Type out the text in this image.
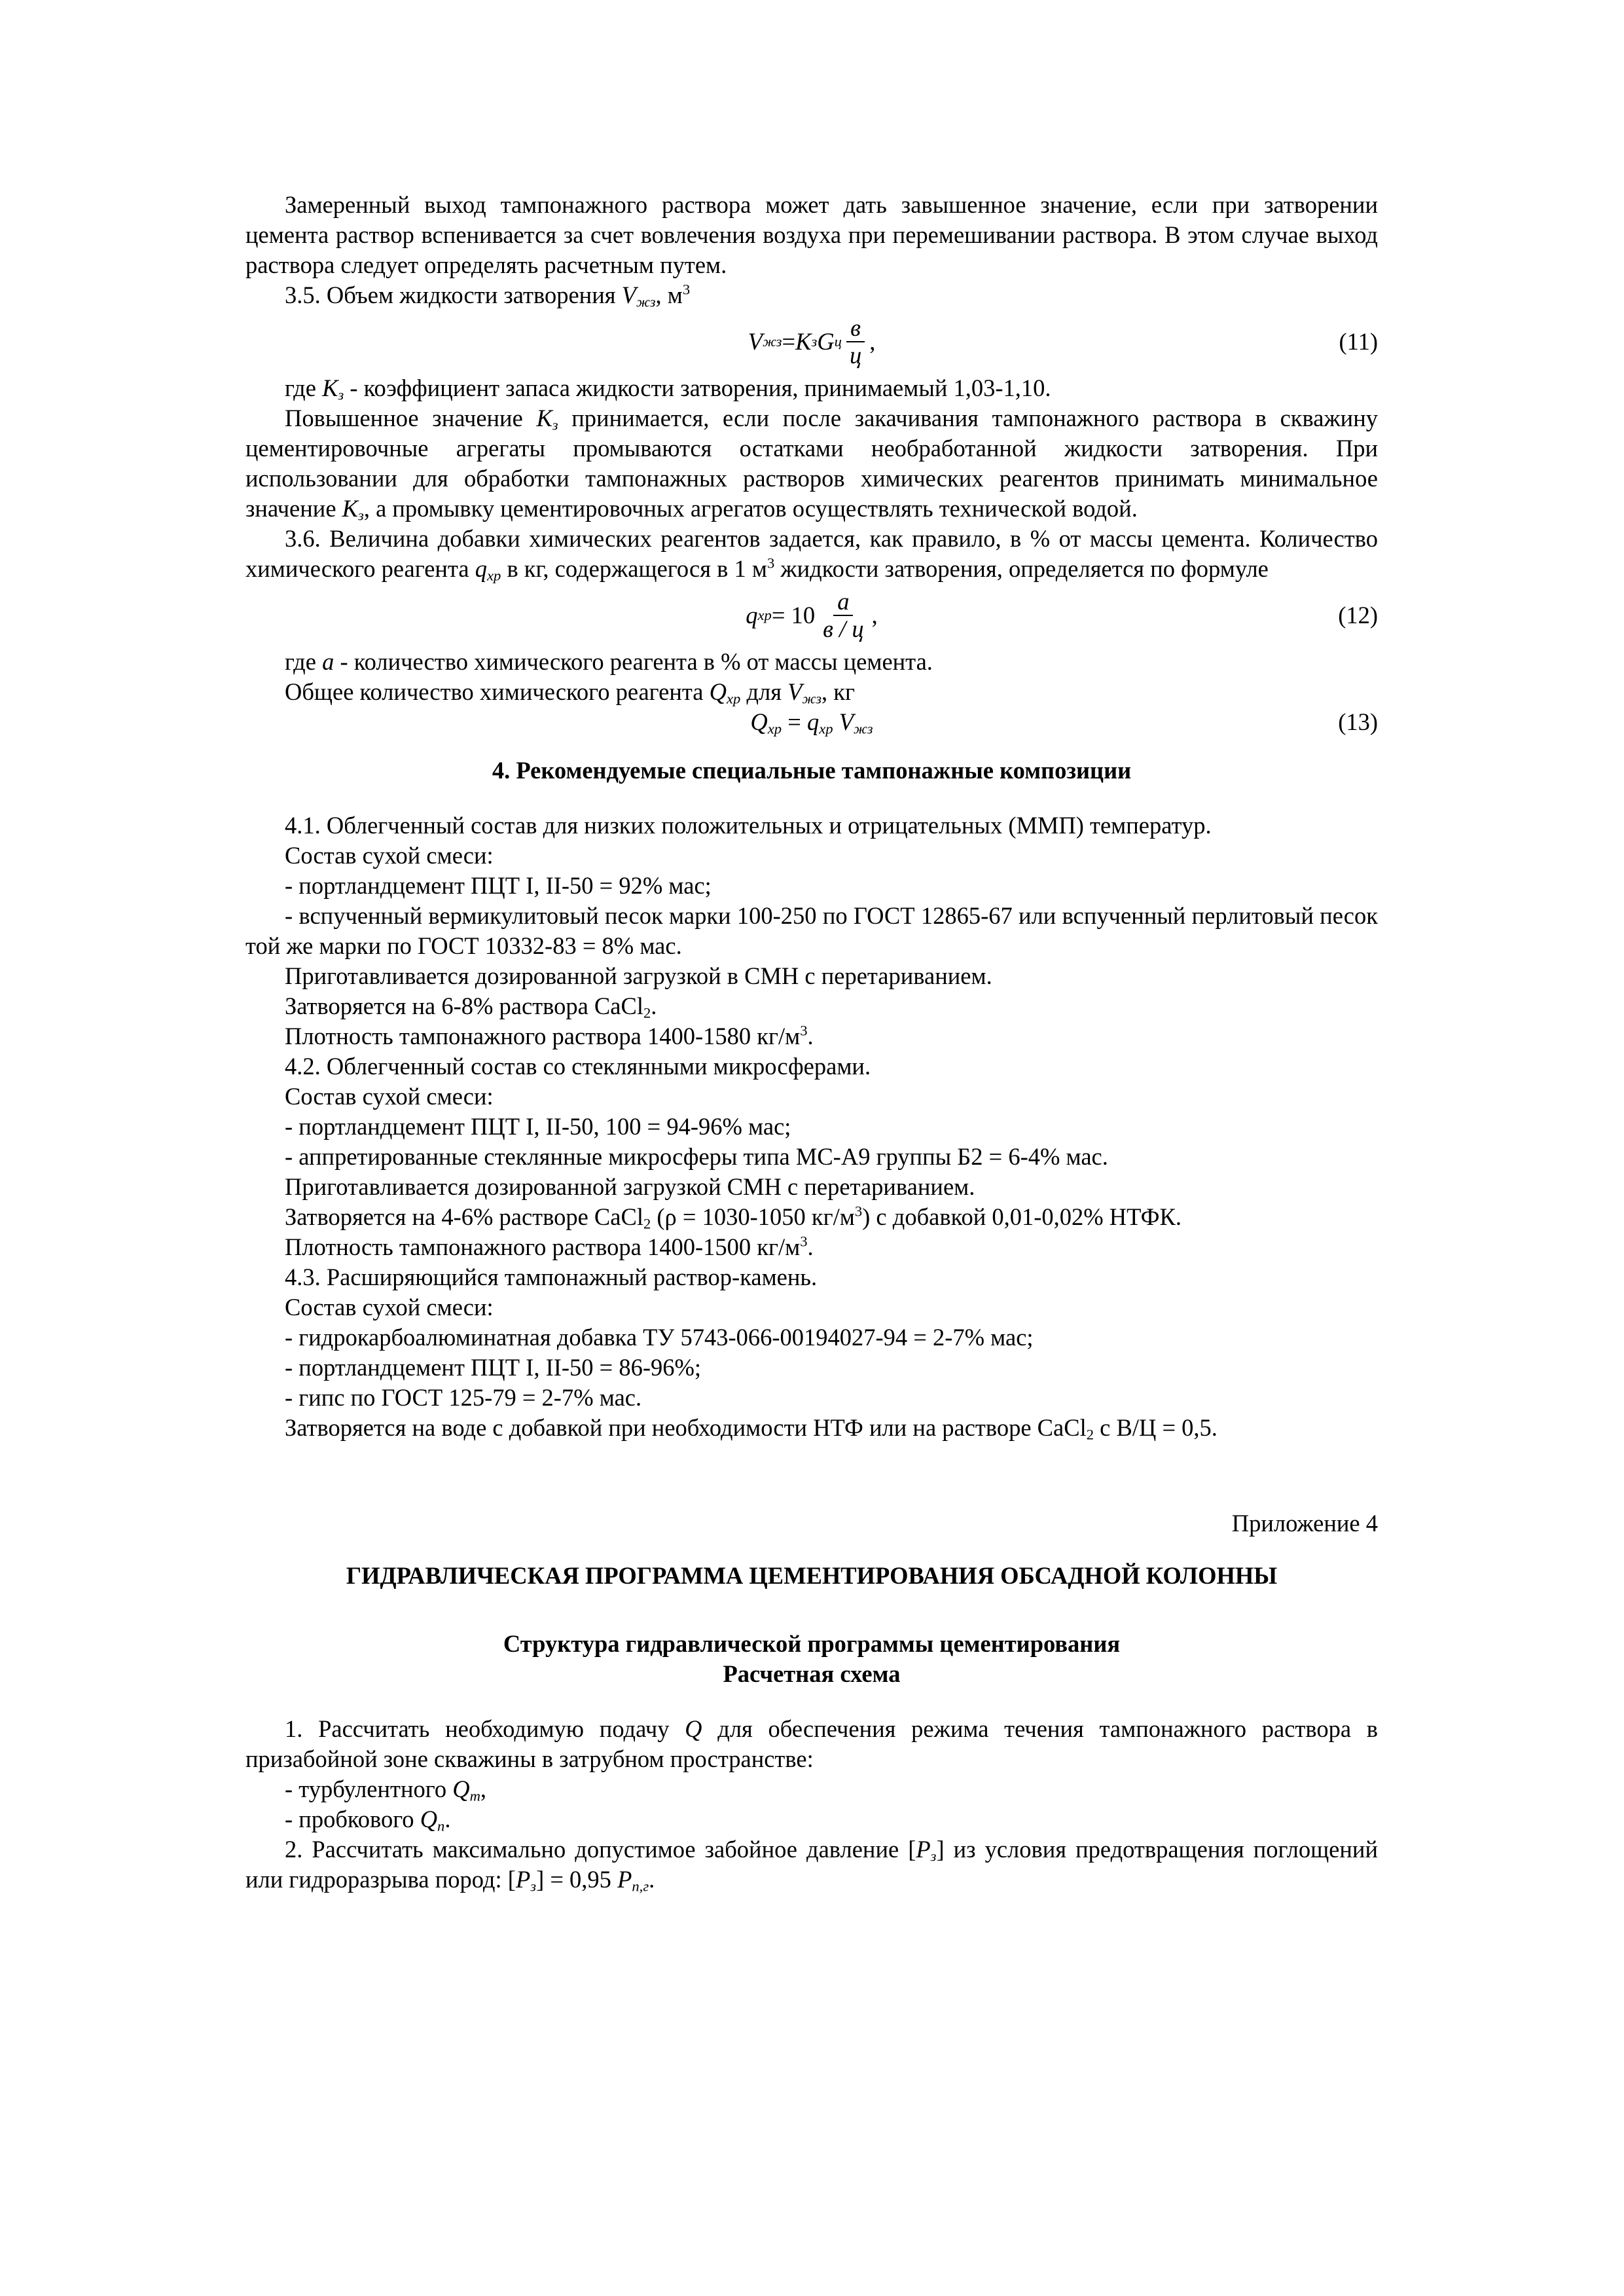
Замеренный выход тампонажного раствора может дать завышенное значение, если при затворении цемента раствор вспенивается за счет вовлечения воздуха при перемешивании раствора. В этом случае выход раствора следует определять расчетным путем.

3.5. Объем жидкости затворения $V_{жз}$, $м^3$

V жз = K з G ц $\frac{в}{ц}$ ,	(11)

где $K_з$ - коэффициент запаса жидкости затворения, принимаемый 1,03-1,10.

Повышенное значение $K_з$ принимается, если после закачивания тампонажного раствора в скважину цементировочные агрегаты промываются остатками необработанной жидкости затворения. При использовании для обработки тампонажных растворов химических реагентов принимать минимальное значение $K_з$, а промывку цементировочных агрегатов осуществлять технической водой.

3.6. Величина добавки химических реагентов задается, как правило, в % от массы цемента. Количество химического реагента $q_{хр}$ в кг, содержащегося в 1 $м^3$ жидкости затворения, определяется по формуле

q хр = $10 \frac{a}{в / ц}$ ,	(12)

где a - количество химического реагента в % от массы цемента.

Общее количество химического реагента $Q_{хр}$ для $V_{жз}$, кг

$Q_{хр} = q_{хр}$ $V_{жз}$	(13)

4. Рекомендуемые специальные тампонажные композиции

4.1. Облегченный состав для низких положительных и отрицательных (ММП) температур.

Состав сухой смеси:

- портландцемент ПЦТ I, II-50 = 92% мас;

- вспученный вермикулитовый песок марки 100-250 по ГОСТ 12865-67 или вспученный перлитовый песок той же марки по ГОСТ 10332-83 = 8% мас.

Приготавливается дозированной загрузкой в СМН с перетариванием.

Затворяется на 6-8% раствора CaCl$_2$.

Плотность тампонажного раствора 1400-1580 $кг/м^3$.

4.2. Облегченный состав со стеклянными микросферами.

Состав сухой смеси:

- портландцемент ПЦТ I, II-50, 100 = 94-96% мас;

- аппретированные стеклянные микросферы типа МС-А9 группы Б2 = 6-4% мас.

Приготавливается дозированной загрузкой СМН с перетариванием.

Затворяется на 4-6% растворе CaCl$_2$ (ρ = 1030-1050 $кг/м^3$) с добавкой 0,01-0,02% НТФК.

Плотность тампонажного раствора 1400-1500 $кг/м^3$.

4.3. Расширяющийся тампонажный раствор-камень.

Состав сухой смеси:

- гидрокарбоалюминатная добавка ТУ 5743-066-00194027-94 = 2-7% мас;

- портландцемент ПЦТ I, II-50 = 86-96%;

- гипс по ГОСТ 125-79 = 2-7% мас.

Затворяется на воде с добавкой при необходимости НТФ или на растворе CaCl$_2$ с В/Ц = 0,5.

Приложение 4

ГИДРАВЛИЧЕСКАЯ ПРОГРАММА ЦЕМЕНТИРОВАНИЯ ОБСАДНОЙ КОЛОННЫ

Структура гидравлической программы цементирования

Расчетная схема

1. Рассчитать необходимую подачу Q для обеспечения режима течения тампонажного раствора в призабойной зоне скважины в затрубном пространстве:

- турбулентного $Q_т$,

- пробкового $Q_п$.

2. Рассчитать максимально допустимое забойное давление $[P_з]$ из условия предотвращения поглощений или гидроразрыва пород: $[P_з] = 0,95$ $P_{п,г}$.
